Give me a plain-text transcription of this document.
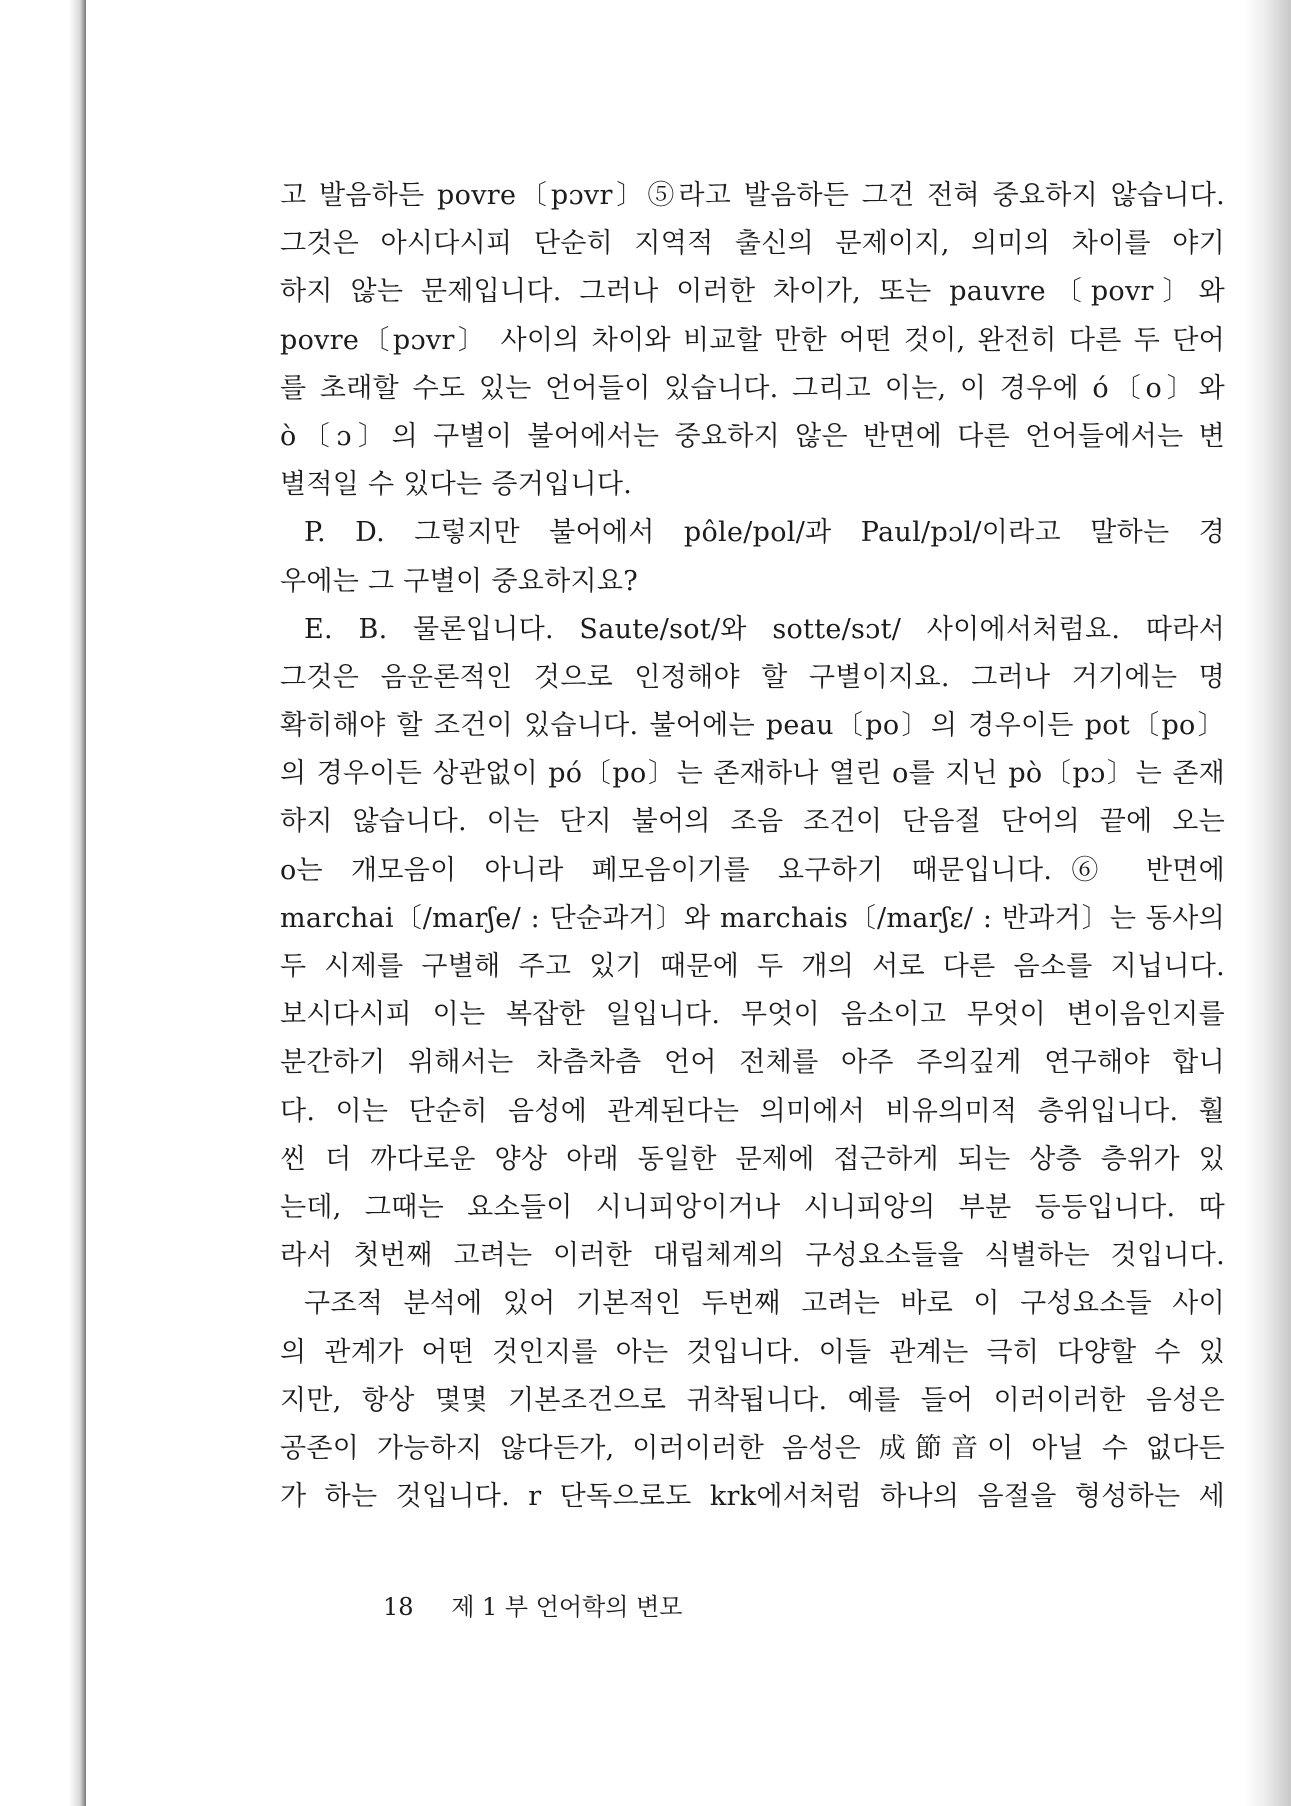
고 발음하든 povre〔pɔvr〕⑤라고 발음하든 그건 전혀 중요하지 않습니다.
그것은 아시다시피 단순히 지역적 출신의 문제이지, 의미의 차이를 야기
하지 않는 문제입니다. 그러나 이러한 차이가, 또는 pauvre〔povr〕와
povre〔pɔvr〕 사이의 차이와 비교할 만한 어떤 것이, 완전히 다른 두 단어
를 초래할 수도 있는 언어들이 있습니다. 그리고 이는, 이 경우에 ó〔o〕와
ò〔ɔ〕의 구별이 불어에서는 중요하지 않은 반면에 다른 언어들에서는 변
별적일 수 있다는 증거입니다.
P. D. 그렇지만 불어에서 pôle/pol/과 Paul/pɔl/이라고 말하는 경
우에는 그 구별이 중요하지요?
E. B. 물론입니다. Saute/sot/와 sotte/sɔt/ 사이에서처럼요. 따라서
그것은 음운론적인 것으로 인정해야 할 구별이지요. 그러나 거기에는 명
확히해야 할 조건이 있습니다. 불어에는 peau〔po〕의 경우이든 pot〔po〕
의 경우이든 상관없이 pó〔po〕는 존재하나 열린 o를 지닌 pò〔pɔ〕는 존재
하지 않습니다. 이는 단지 불어의 조음 조건이 단음절 단어의 끝에 오는
o는 개모음이 아니라 폐모음이기를 요구하기 때문입니다.⑥ 반면에
marchai〔/marʃe/ : 단순과거〕와 marchais〔/marʃɛ/ : 반과거〕는 동사의
두 시제를 구별해 주고 있기 때문에 두 개의 서로 다른 음소를 지닙니다.
보시다시피 이는 복잡한 일입니다. 무엇이 음소이고 무엇이 변이음인지를
분간하기 위해서는 차츰차츰 언어 전체를 아주 주의깊게 연구해야 합니
다. 이는 단순히 음성에 관계된다는 의미에서 비유의미적 층위입니다. 훨
씬 더 까다로운 양상 아래 동일한 문제에 접근하게 되는 상층 층위가 있
는데, 그때는 요소들이 시니피앙이거나 시니피앙의 부분 등등입니다. 따
라서 첫번째 고려는 이러한 대립체계의 구성요소들을 식별하는 것입니다.
구조적 분석에 있어 기본적인 두번째 고려는 바로 이 구성요소들 사이
의 관계가 어떤 것인지를 아는 것입니다. 이들 관계는 극히 다양할 수 있
지만, 항상 몇몇 기본조건으로 귀착됩니다. 예를 들어 이러이러한 음성은
공존이 가능하지 않다든가, 이러이러한 음성은 成節音이 아닐 수 없다든
가 하는 것입니다. r 단독으로도 krk에서처럼 하나의 음절을 형성하는 세
18 제 1 부 언어학의 변모
